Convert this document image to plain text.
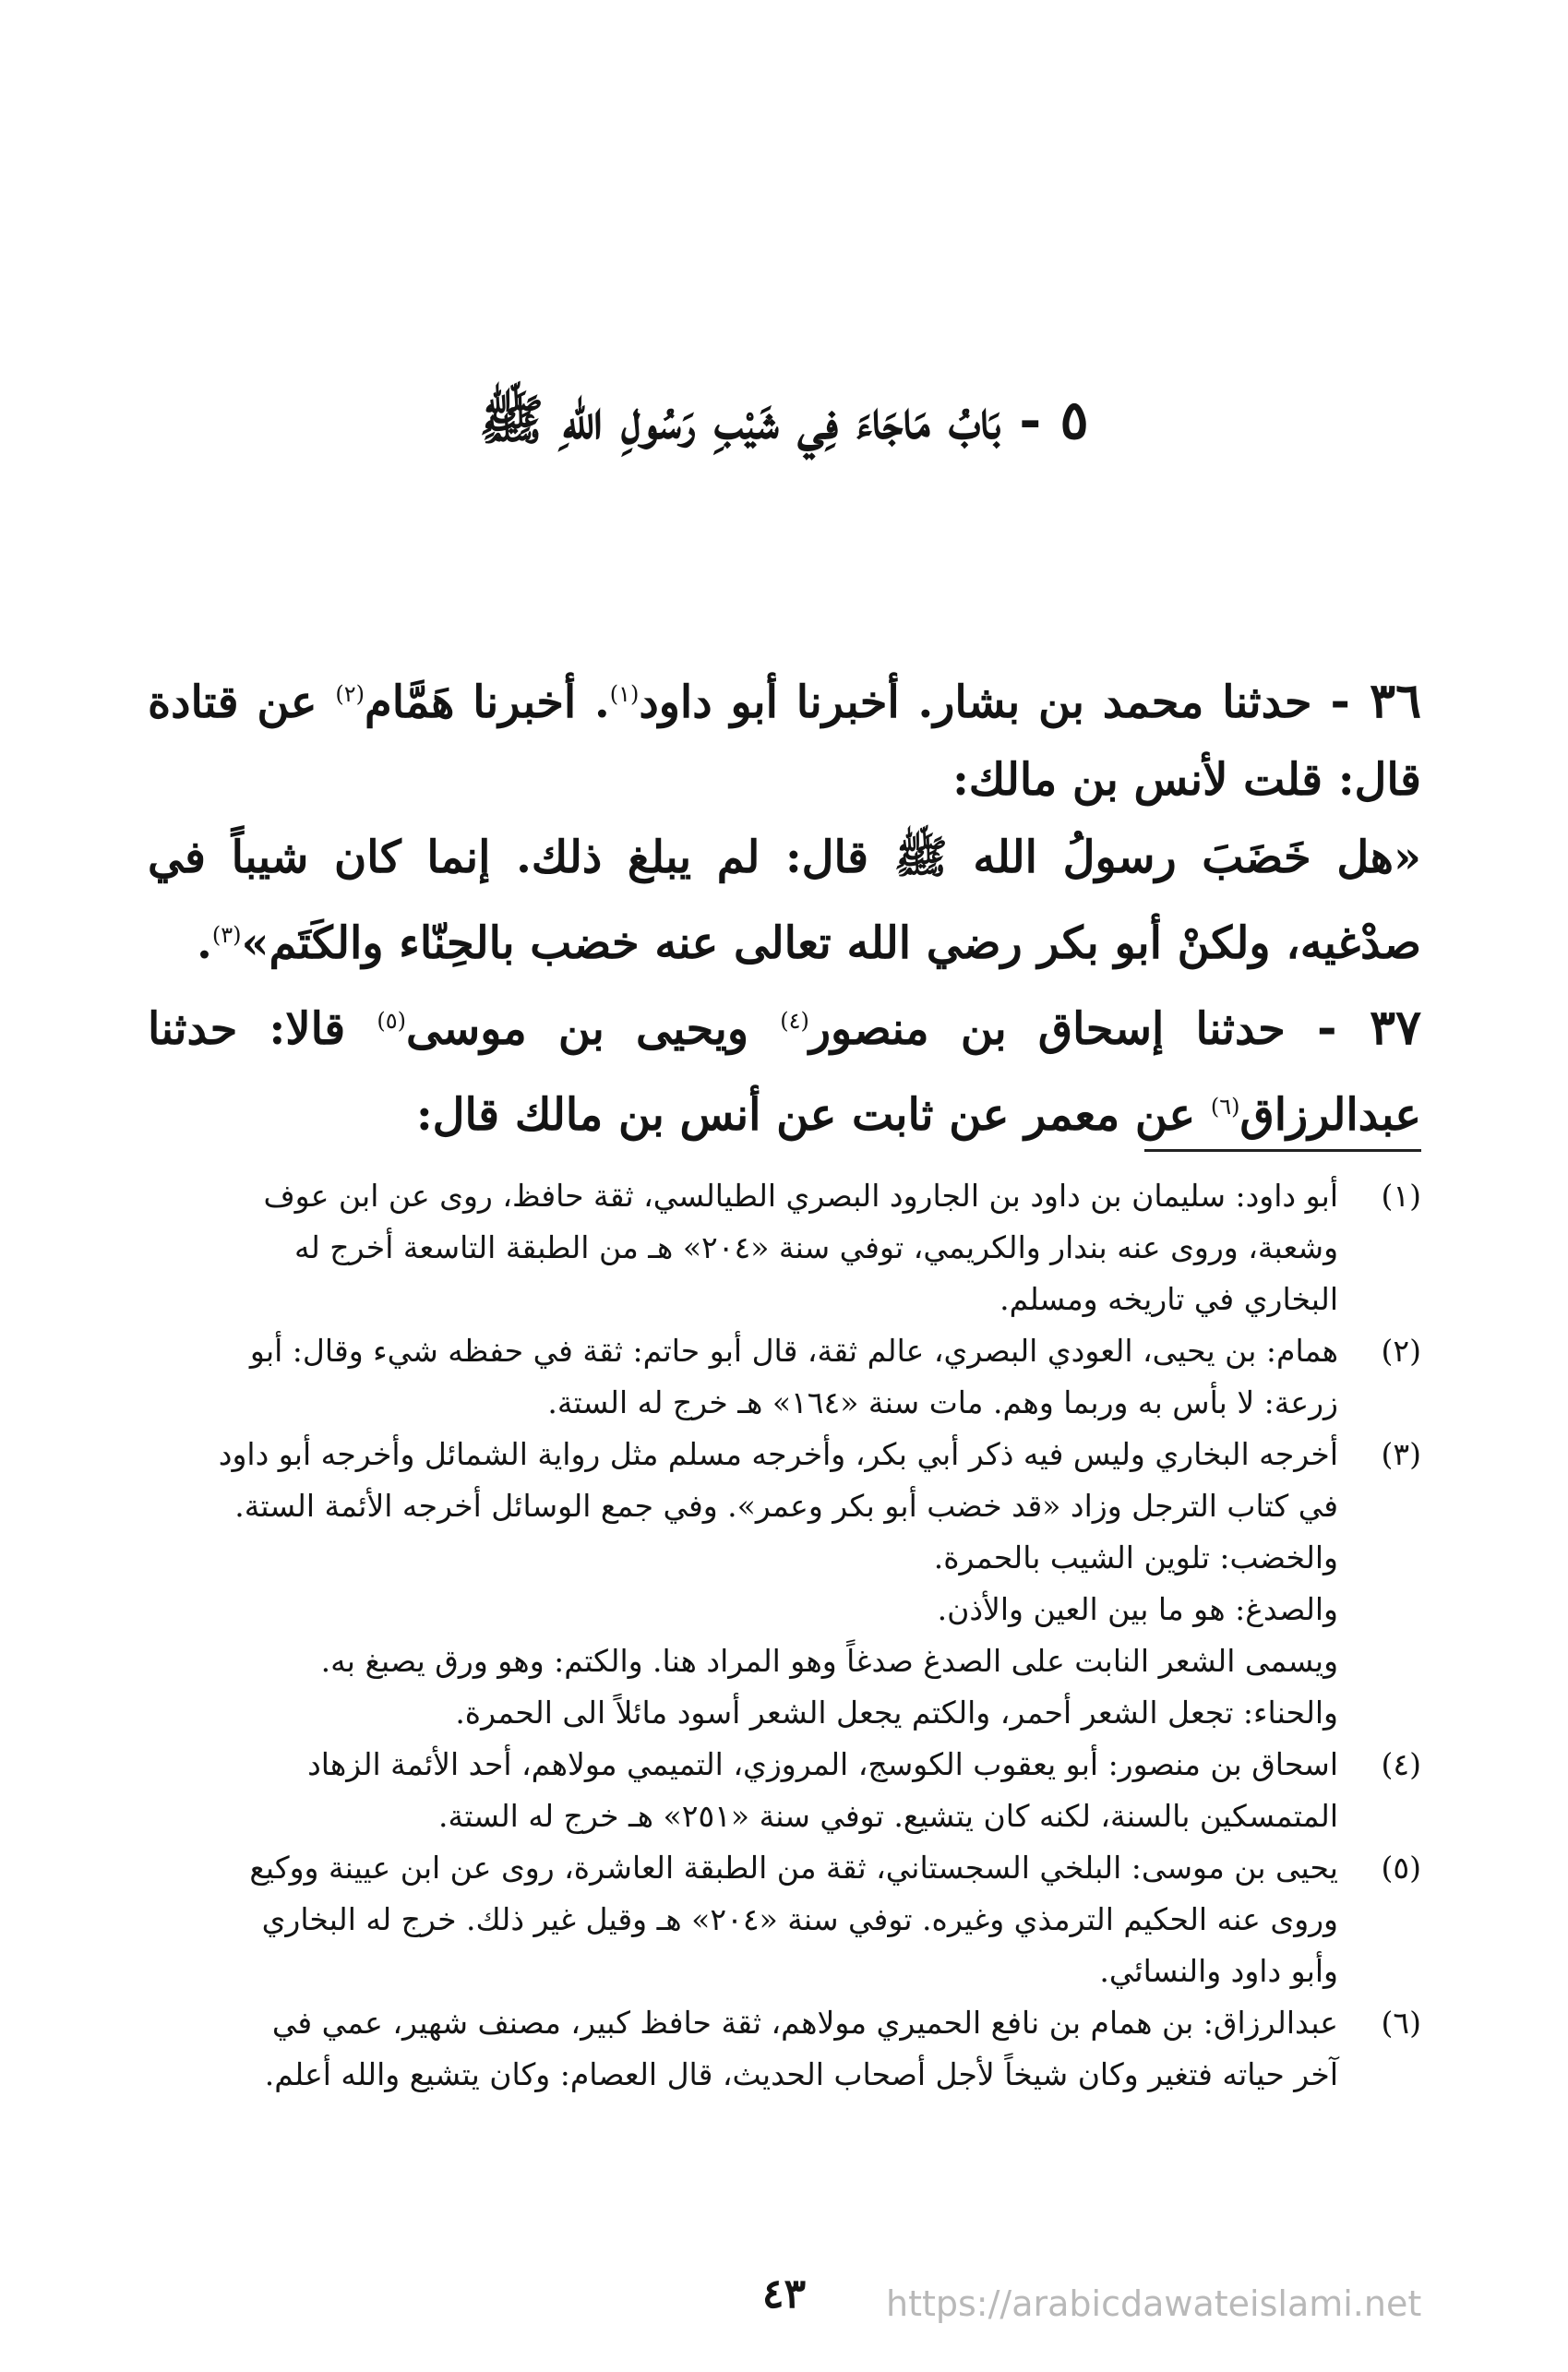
٥ - بَابُ مَاجَاءَ فِي شَيْبِ رَسُولِ اللهِ ﷺ

٣٦ - حدثنا محمد بن بشار. أخبرنا أبو داود$^{(١)}$. أخبرنا هَمَّام$^{(٢)}$ عن قتادة قال: قلت لأنس بن مالك:

«هل خَضَبَ رسولُ الله ﷺ قال: لم يبلغ ذلك. إنما كان شيباً في صدْغيه، ولكنْ أبو بكر رضي الله تعالى عنه خضب بالحِنّاء والكَتَم»$^{(٣)}$.

٣٧ - حدثنا إسحاق بن منصور$^{(٤)}$ ويحيى بن موسى$^{(٥)}$ قالا: حدثنا عبدالرزاق$^{(٦)}$ عن معمر عن ثابت عن أنس بن مالك قال:

(١)
أبو داود: سليمان بن داود بن الجارود البصري الطيالسي، ثقة حافظ، روى عن ابن عوف
وشعبة، وروى عنه بندار والكريمي، توفي سنة «٢٠٤» هـ من الطبقة التاسعة أخرج له
البخاري في تاريخه ومسلم.
(٢)
همام: بن يحيى، العودي البصري، عالم ثقة، قال أبو حاتم: ثقة في حفظه شيء وقال: أبو
زرعة: لا بأس به وربما وهم. مات سنة «١٦٤» هـ خرج له الستة.
(٣)
أخرجه البخاري وليس فيه ذكر أبي بكر، وأخرجه مسلم مثل رواية الشمائل وأخرجه أبو داود
في كتاب الترجل وزاد «قد خضب أبو بكر وعمر». وفي جمع الوسائل أخرجه الأئمة الستة.
والخضب: تلوين الشيب بالحمرة.
والصدغ: هو ما بين العين والأذن.
ويسمى الشعر النابت على الصدغ صدغاً وهو المراد هنا. والكتم: وهو ورق يصبغ به.
والحناء: تجعل الشعر أحمر، والكتم يجعل الشعر أسود مائلاً الى الحمرة.
(٤)
اسحاق بن منصور: أبو يعقوب الكوسج، المروزي، التميمي مولاهم، أحد الأئمة الزهاد
المتمسكين بالسنة، لكنه كان يتشيع. توفي سنة «٢٥١» هـ خرج له الستة.
(٥)
يحيى بن موسى: البلخي السجستاني، ثقة من الطبقة العاشرة، روى عن ابن عيينة ووكيع
وروى عنه الحكيم الترمذي وغيره. توفي سنة «٢٠٤» هـ وقيل غير ذلك. خرج له البخاري
وأبو داود والنسائي.
(٦)
عبدالرزاق: بن همام بن نافع الحميري مولاهم، ثقة حافظ كبير، مصنف شهير، عمي في
آخر حياته فتغير وكان شيخاً لأجل أصحاب الحديث، قال العصام: وكان يتشيع والله أعلم.
٤٣	https://arabicdawateislami.net
